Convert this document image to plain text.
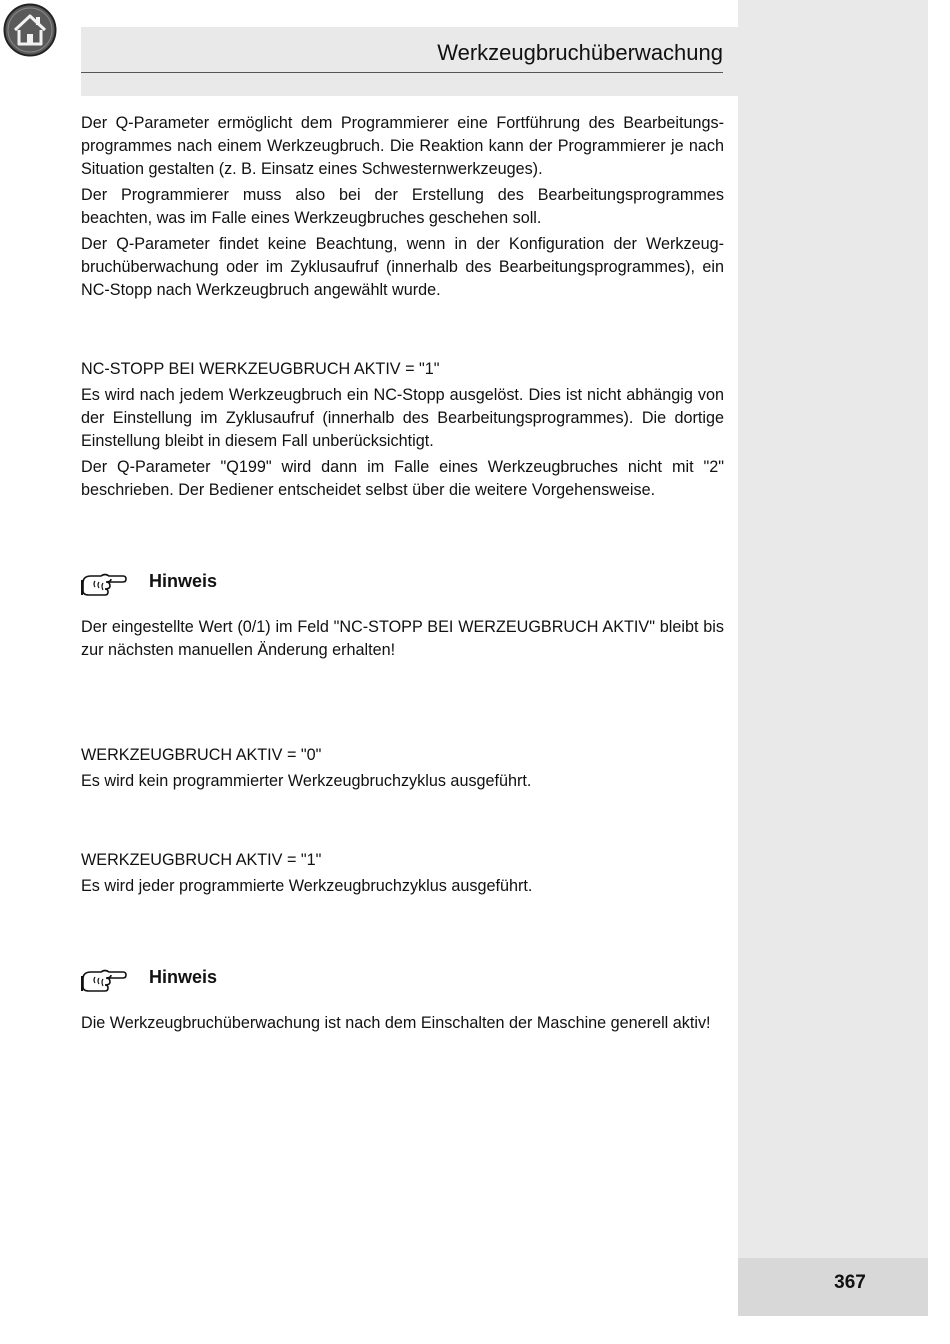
Werkzeugbruchüberwachung

Der Q-Parameter ermöglicht dem Programmierer eine Fortführung des Bearbeitungs-programmes nach einem Werkzeugbruch. Die Reaktion kann der Programmierer je nach Situation gestalten (z. B. Einsatz eines Schwesternwerkzeuges).

Der Programmierer muss also bei der Erstellung des Bearbeitungsprogrammes beachten, was im Falle eines Werkzeugbruches geschehen soll.

Der Q-Parameter findet keine Beachtung, wenn in der Konfiguration der Werkzeug-bruchüberwachung oder im Zyklusaufruf (innerhalb des Bearbeitungsprogrammes), ein NC-Stopp nach Werkzeugbruch angewählt wurde.

NC-STOPP BEI WERKZEUGBRUCH AKTIV = "1"

Es wird nach jedem Werkzeugbruch ein NC-Stopp ausgelöst. Dies ist nicht abhängig von der Einstellung im Zyklusaufruf (innerhalb des Bearbeitungsprogrammes). Die dortige Einstellung bleibt in diesem Fall unberücksichtigt.

Der Q-Parameter "Q199" wird dann im Falle eines Werkzeugbruches nicht mit "2" beschrieben. Der Bediener entscheidet selbst über die weitere Vorgehensweise.

Hinweis

Der eingestellte Wert (0/1) im Feld "NC-STOPP BEI WERZEUGBRUCH AKTIV" bleibt bis zur nächsten manuellen Änderung erhalten!

WERKZEUGBRUCH AKTIV = "0"

Es wird kein programmierter Werkzeugbruchzyklus ausgeführt.

WERKZEUGBRUCH AKTIV = "1"

Es wird jeder programmierte Werkzeugbruchzyklus ausgeführt.

Hinweis

Die Werkzeugbruchüberwachung ist nach dem Einschalten der Maschine generell aktiv!

367
